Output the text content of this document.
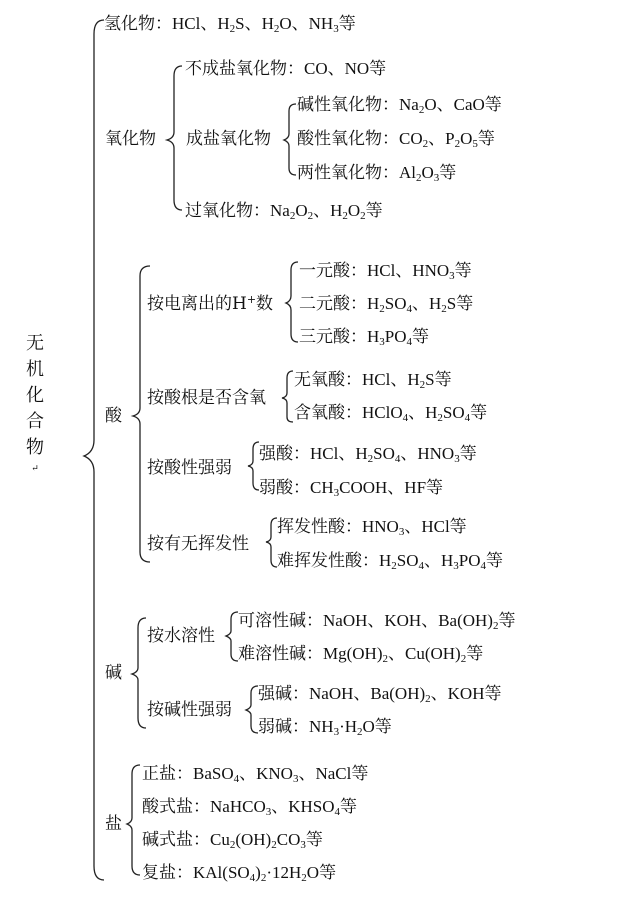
无
机
化
合
物↵
氢化物：HCl、$H_2S$、$H_2O$、$NH_3$等
氧化物
不成盐氧化物：CO、NO等
成盐氧化物
碱性氧化物：$Na_2O$、CaO等
酸性氧化物：$CO_2$、$P_2O_5$等
两性氧化物：$Al_2O_3$等
过氧化物：$Na_2O_2$、$H_2O_2$等
酸
按电离出的H+数
一元酸：HCl、$HNO_3$等
二元酸：$H_2SO_4$、$H_2S$等
三元酸：$H_3PO_4$等
按酸根是否含氧
无氧酸：HCl、$H_2S$等
含氧酸：HClO$_4$、$H_2SO_4$等
按酸性强弱
强酸：HCl、$H_2SO_4$、$HNO_3$等
弱酸：$CH_3COOH$、HF等
按有无挥发性
挥发性酸：$HNO_3$、HCl等
难挥发性酸：$H_2SO_4$、$H_3PO_4$等
碱
按水溶性
可溶性碱：NaOH、KOH、$Ba(OH)_2$等
难溶性碱：$Mg(OH)_2$、$Cu(OH)_2$等
按碱性强弱
强碱：NaOH、$Ba(OH)_2$、KOH等
弱碱：$NH_3\cdot H_2O$等
盐
正盐：BaSO$_4$、$KNO_3$、NaCl等
酸式盐：NaHCO$_3$、$KHSO_4$等
碱式盐：$Cu_2(OH)_2CO_3$等
复盐：$KAl(SO_4)_2\cdot 12H_2O$等
